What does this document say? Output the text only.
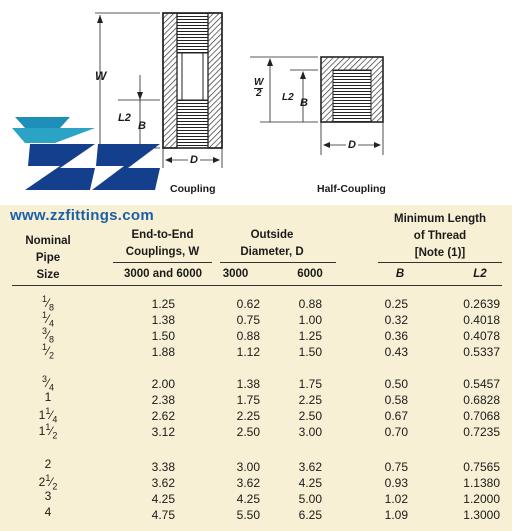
W
L2
B
D
Coupling
$\frac{W}{2} L2$ B
D
Half-Coupling
www.zzfittings.com
Nominal
Pipe
Size
End-to-End
Couplings, W
Outside
Diameter, D
Minimum Length
of Thread
[Note (1)]
3000 and 6000	3000	6000	B	L2
$^1⁄_8$	1.25	0.62	0.88	0.25	0.2639
$^1⁄_4$	1.38	0.75	1.00	0.32	0.4018
$^3⁄_8$	1.50	0.88	1.25	0.36	0.4078
$^1⁄_2$	1.88	1.12	1.50	0.43	0.5337
$^3⁄_4$	2.00	1.38	1.75	0.50	0.5457
1	2.38	1.75	2.25	0.58	0.6828
$1^1⁄_4$	2.62	2.25	2.50	0.67	0.7068
$1^1⁄_2$	3.12	2.50	3.00	0.70	0.7235
2	3.38	3.00	3.62	0.75	0.7565
$2^1⁄_2$	3.62	3.62	4.25	0.93	1.1380
3	4.25	4.25	5.00	1.02	1.2000
4	4.75	5.50	6.25	1.09	1.3000
